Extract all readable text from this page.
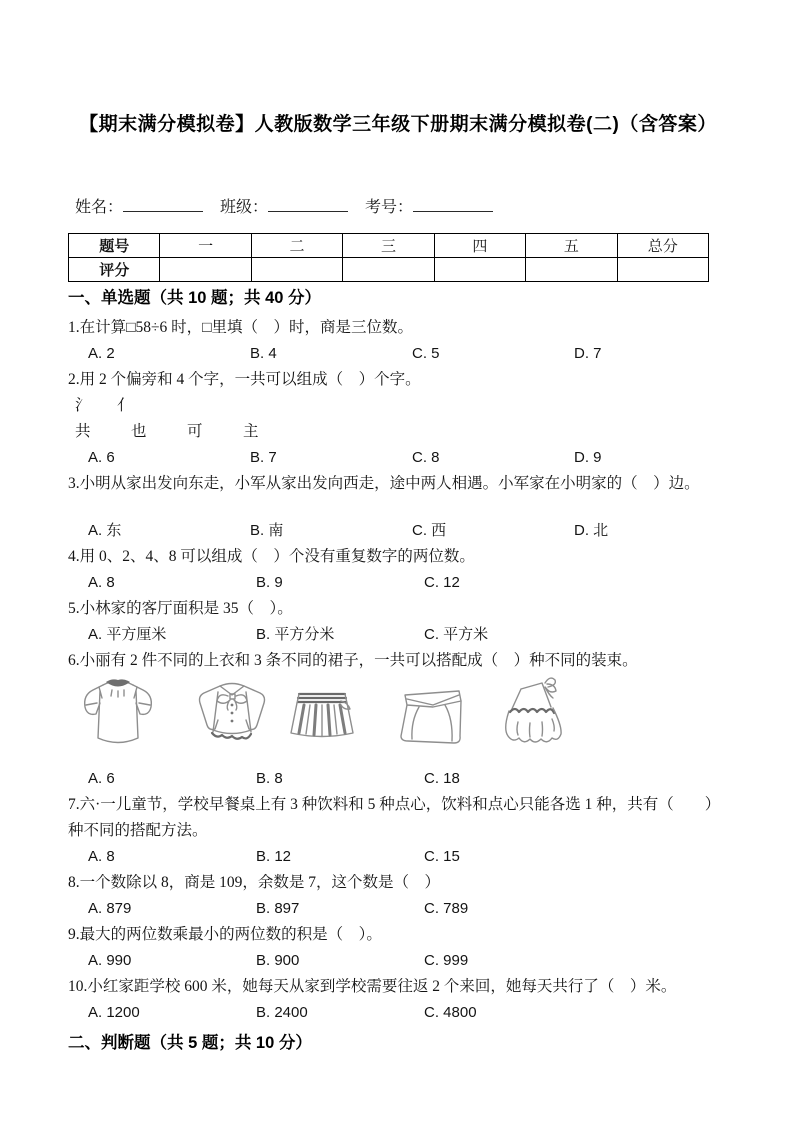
【期末满分模拟卷】人教版数学三年级下册期末满分模拟卷(二)（含答案）
姓名：	班级：	考号：
题号	一	二	三	四	五	总分
评分						
一、单选题（共 10 题；共 40 分）
1.在计算□58÷6 时，□里填（　）时，商是三位数。
A. 2	B. 4	C. 5	D. 7
2.用 2 个偏旁和 4 个字，一共可以组成（　）个字。
氵 亻
共	也	可	主
A. 6	B. 7	C. 8	D. 9
3.小明从家出发向东走，小军从家出发向西走，途中两人相遇。小军家在小明家的（　）边。
A. 东	B. 南	C. 西	D. 北
4.用 0、2、4、8 可以组成（　）个没有重复数字的两位数。
A. 8	B. 9	C. 12
5.小林家的客厅面积是 35（　）。
A. 平方厘米	B. 平方分米	C. 平方米
6.小丽有 2 件不同的上衣和 3 条不同的裙子，一共可以搭配成（　）种不同的装束。
A. 6	B. 8	C. 18
7.六·一儿童节，学校早餐桌上有 3 种饮料和 5 种点心，饮料和点心只能各选 1 种，共有（　　）种不同的搭配方法。
A. 8	B. 12	C. 15
8.一个数除以 8，商是 109，余数是 7，这个数是（　）
A. 879	B. 897	C. 789
9.最大的两位数乘最小的两位数的积是（　）。
A. 990	B. 900	C. 999
10.小红家距学校 600 米，她每天从家到学校需要往返 2 个来回，她每天共行了（　）米。
A. 1200	B. 2400	C. 4800
二、判断题（共 5 题；共 10 分）
